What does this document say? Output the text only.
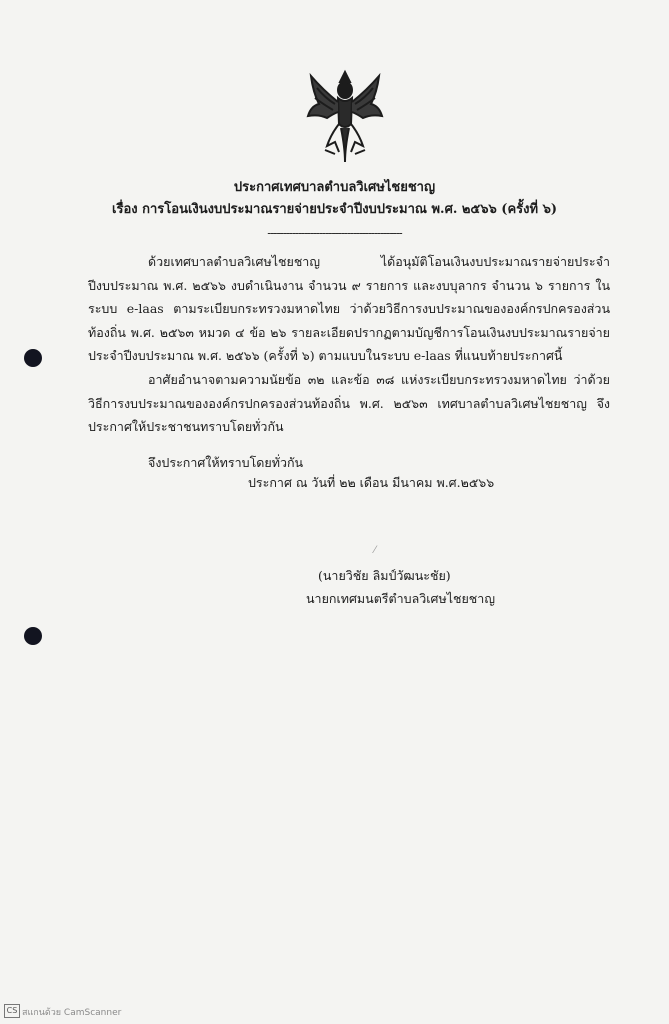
ประกาศเทศบาลตำบลวิเศษไชยชาญ
เรื่อง การโอนเงินงบประมาณรายจ่ายประจำปีงบประมาณ พ.ศ. ๒๕๖๖ (ครั้งที่ ๖)
--------------------------------------------
ด้วยเทศบาลตำบลวิเศษไชยชาญ ได้อนุมัติโอนเงินงบประมาณรายจ่ายประจำปีงบประมาณ พ.ศ. ๒๕๖๖ งบดำเนินงาน จำนวน ๙ รายการ และงบบุลากร จำนวน ๖ รายการ ในระบบ e-laas ตามระเบียบกระทรวงมหาดไทย ว่าด้วยวิธีการงบประมาณขององค์กรปกครองส่วนท้องถิ่น พ.ศ. ๒๕๖๓ หมวด ๔ ข้อ ๒๖ รายละเอียดปรากฏตามบัญชีการโอนเงินงบประมาณรายจ่ายประจำปีงบประมาณ พ.ศ. ๒๕๖๖ (ครั้งที่ ๖) ตามแบบในระบบ e-laas ที่แนบท้ายประกาศนี้
อาศัยอำนาจตามความนัยข้อ ๓๒ และข้อ ๓๘ แห่งระเบียบกระทรวงมหาดไทย ว่าด้วยวิธีการงบประมาณขององค์กรปกครองส่วนท้องถิ่น พ.ศ. ๒๕๖๓ เทศบาลตำบลวิเศษไชยชาญ จึงประกาศให้ประชาชนทราบโดยทั่วกัน
จึงประกาศให้ทราบโดยทั่วกัน
ประกาศ ณ วันที่ ๒๒ เดือน มีนาคม พ.ศ.๒๕๖๖
⁄
(นายวิชัย ลิมป์วัฒนะชัย)
นายกเทศมนตรีตำบลวิเศษไชยชาญ
CS สแกนด้วย CamScanner
